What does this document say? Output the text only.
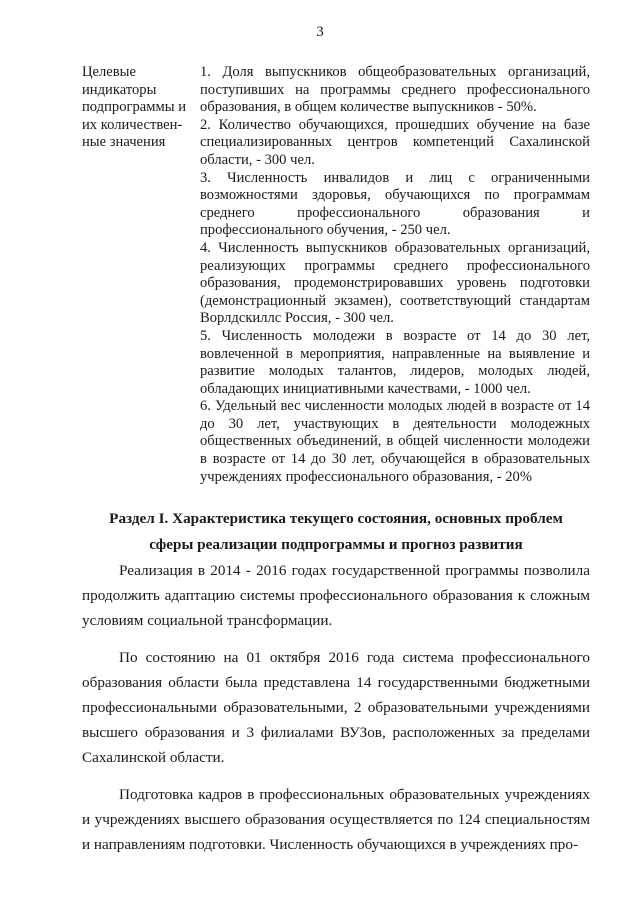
3
Целевые
индикаторы
подпрограммы и
их количествен-
ные значения

1. Доля выпускников общеобразовательных организаций, поступивших на программы среднего профессионального образования, в общем количестве выпускников - 50%.

2. Количество обучающихся, прошедших обучение на базе специализированных центров компетенций Сахалинской области, - 300 чел.

3. Численность инвалидов и лиц с ограниченными возможностями здоровья, обучающихся по программам среднего профессионального образования и профессионального обучения, - 250 чел.

4. Численность выпускников образовательных организаций, реализующих программы среднего профессионального образования, продемонстрировавших уровень подготовки (демонстрационный экзамен), соответствующий стандартам Ворлдскиллс Россия, - 300 чел.

5. Численность молодежи в возрасте от 14 до 30 лет, вовлеченной в мероприятия, направленные на выявление и развитие молодых талантов, лидеров, молодых людей, обладающих инициативными качествами, - 1000 чел.

6. Удельный вес численности молодых людей в возрасте от 14 до 30 лет, участвующих в деятельности молодежных общественных объединений, в общей численности молодежи в возрасте от 14 до 30 лет, обучающейся в образовательных учреждениях профессионального образования, - 20%

Раздел I. Характеристика текущего состояния, основных проблем
сферы реализации подпрограммы и прогноз развития

Реализация в 2014 - 2016 годах государственной программы позволила продолжить адаптацию системы профессионального образования к сложным условиям социальной трансформации.

По состоянию на 01 октября 2016 года система профессионального образования области была представлена 14 государственными бюджетными профессиональными образовательными, 2 образовательными учреждениями высшего образования и 3 филиалами ВУЗов, расположенных за пределами Сахалинской области.

Подготовка кадров в профессиональных образовательных учреждениях и учреждениях высшего образования осуществляется по 124 специальностям и направлениям подготовки. Численность обучающихся в учреждениях про-
